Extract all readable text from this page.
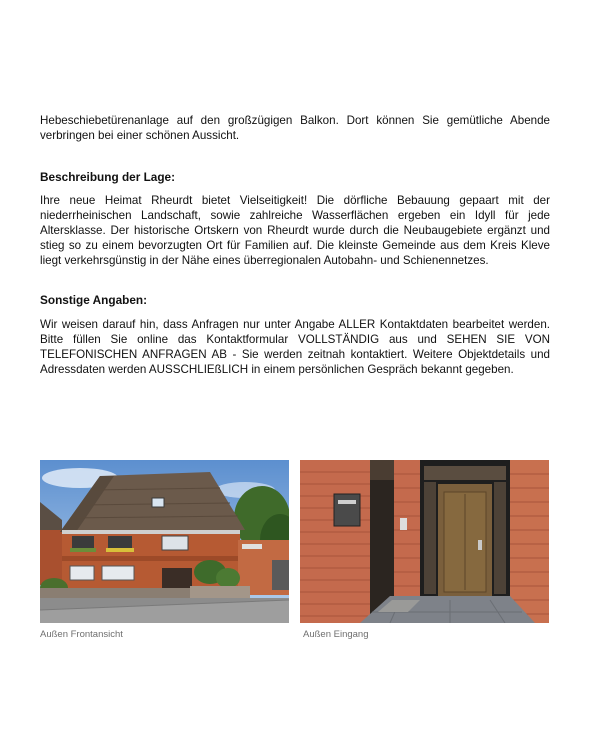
Hebeschiebetürenanlage auf den großzügigen Balkon. Dort können Sie gemütliche Abende verbringen bei einer schönen Aussicht.

Beschreibung der Lage:

Ihre neue Heimat Rheurdt bietet Vielseitigkeit! Die dörfliche Bebauung gepaart mit der niederrheinischen Landschaft, sowie zahlreiche Wasserflächen ergeben ein Idyll für jede Altersklasse. Der historische Ortskern von Rheurdt wurde durch die Neubaugebiete ergänzt und stieg so zu einem bevorzugten Ort für Familien auf. Die kleinste Gemeinde aus dem Kreis Kleve liegt verkehrsgünstig in der Nähe eines überregionalen Autobahn- und Schienennetzes.

Sonstige Angaben:

Wir weisen darauf hin, dass Anfragen nur unter Angabe ALLER Kontaktdaten bearbeitet werden. Bitte füllen Sie online das Kontaktformular VOLLSTÄNDIG aus und SEHEN SIE VON TELEFONISCHEN ANFRAGEN AB - Sie werden zeitnah kontaktiert. Weitere Objektdetails und Adressdaten werden AUSSCHLIEßLICH in einem persönlichen Gespräch bekannt gegeben.

Außen Frontansicht	Außen Eingang
